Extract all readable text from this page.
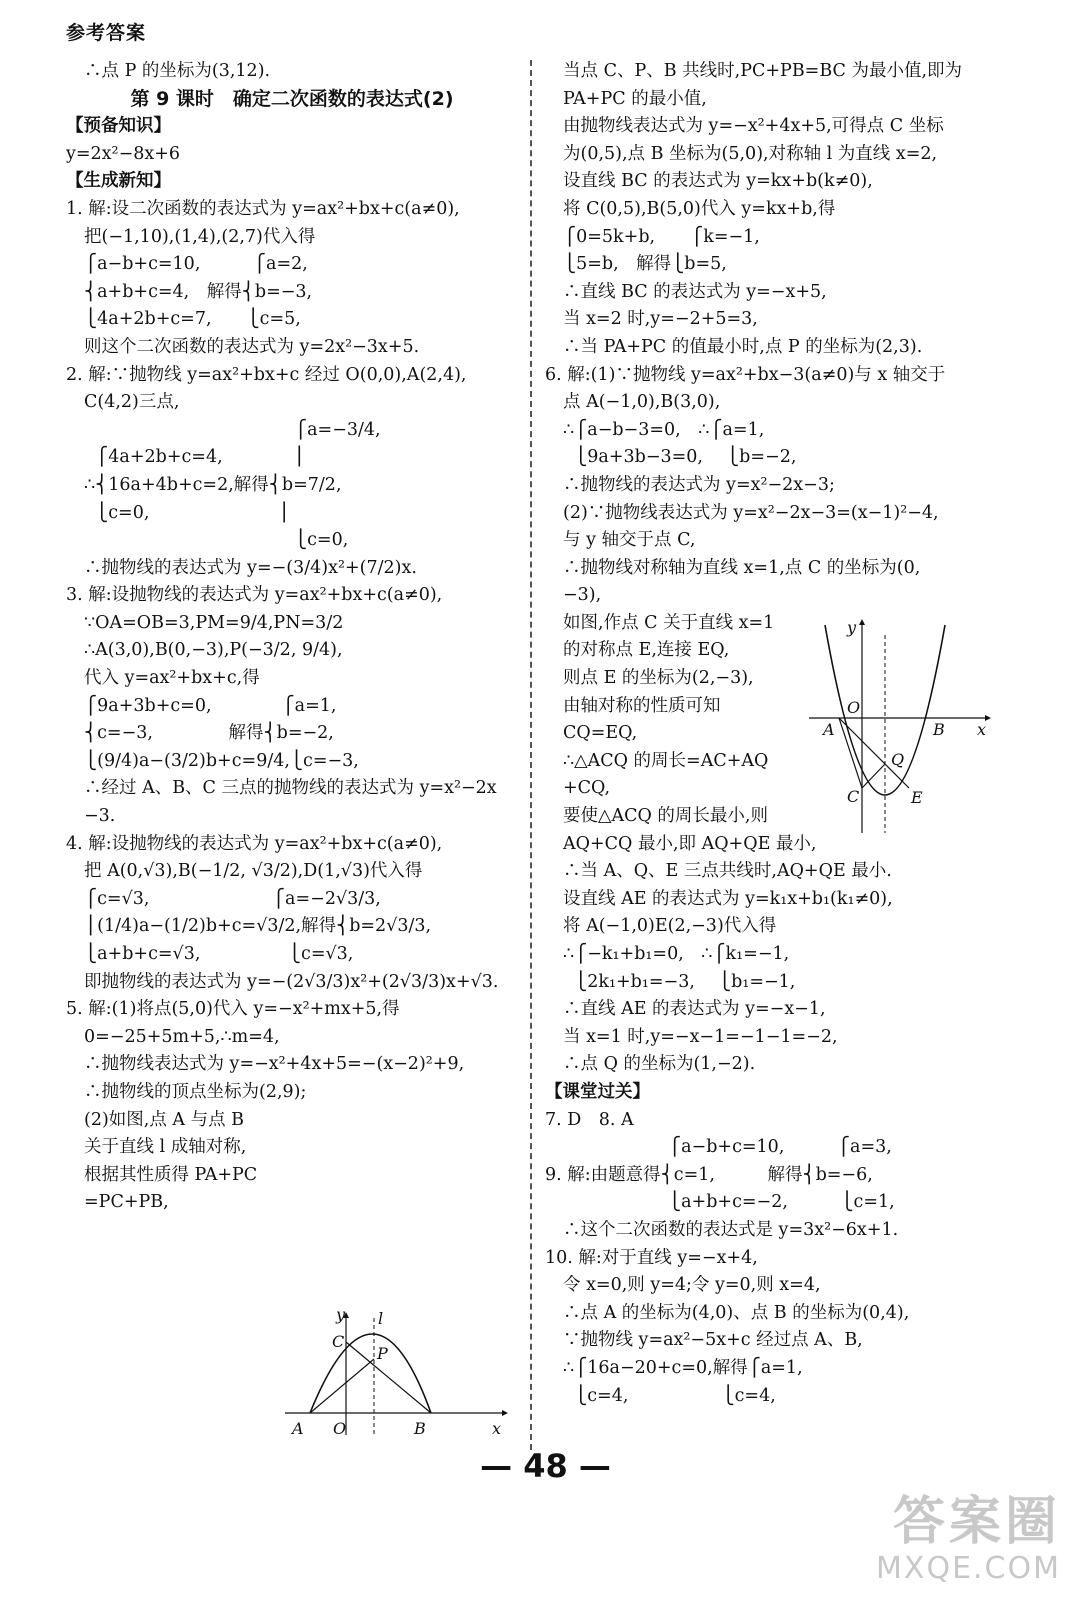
参考答案
∴点 P 的坐标为(3,12).
第 9 课时　确定二次函数的表达式(2)
【预备知识】
y=2x²−8x+6
【生成新知】
1. 解:设二次函数的表达式为 y=ax²+bx+c(a≠0),
把(−1,10),(1,4),(2,7)代入得
⎧a−b+c=10,　　　⎧a=2,
⎨a+b+c=4,　解得⎨b=−3,
⎩4a+2b+c=7,　　⎩c=5,
则这个二次函数的表达式为 y=2x²−3x+5.
2. 解:∵抛物线 y=ax²+bx+c 经过 O(0,0),A(2,4),
C(4,2)三点,
　　　　　　　　　　　　⎧a=−3/4,
⎧4a+2b+c=4,　　　　⎪
∴⎨16a+4b+c=2,解得⎨b=7/2,
⎩c=0,　　　　　　　 ⎪
　　　　　　　　　　　　⎩c=0,
∴抛物线的表达式为 y=−(3/4)x²+(7/2)x.
3. 解:设抛物线的表达式为 y=ax²+bx+c(a≠0),
∵OA=OB=3,PM=9/4,PN=3/2
∴A(3,0),B(0,−3),P(−3/2, 9/4),
代入 y=ax²+bx+c,得
⎧9a+3b+c=0,　　　　⎧a=1,
⎨c=−3,　　　　 解得⎨b=−2,
⎩(9/4)a−(3/2)b+c=9/4,⎩c=−3,
∴经过 A、B、C 三点的抛物线的表达式为 y=x²−2x
−3.
4. 解:设抛物线的表达式为 y=ax²+bx+c(a≠0),
把 A(0,√3),B(−1/2, √3/2),D(1,√3)代入得
⎧c=√3,　　　　　　　⎧a=−2√3/3,
⎪(1/4)a−(1/2)b+c=√3/2,解得⎨b=2√3/3,
⎩a+b+c=√3,　　　　　⎩c=√3,
即抛物线的表达式为 y=−(2√3/3)x²+(2√3/3)x+√3.
5. 解:(1)将点(5,0)代入 y=−x²+mx+5,得
0=−25+5m+5,∴m=4,
∴抛物线表达式为 y=−x²+4x+5=−(x−2)²+9,
∴抛物线的顶点坐标为(2,9);
(2)如图,点 A 与点 B
关于直线 l 成轴对称,
根据其性质得 PA+PC
=PC+PB,
当点 C、P、B 共线时,PC+PB=BC 为最小值,即为
PA+PC 的最小值,
由抛物线表达式为 y=−x²+4x+5,可得点 C 坐标
为(0,5),点 B 坐标为(5,0),对称轴 l 为直线 x=2,
设直线 BC 的表达式为 y=kx+b(k≠0),
将 C(0,5),B(5,0)代入 y=kx+b,得
⎧0=5k+b,　　⎧k=−1,
⎩5=b,　解得⎩b=5,
∴直线 BC 的表达式为 y=−x+5,
当 x=2 时,y=−2+5=3,
∴当 PA+PC 的值最小时,点 P 的坐标为(2,3).
6. 解:(1)∵抛物线 y=ax²+bx−3(a≠0)与 x 轴交于
点 A(−1,0),B(3,0),
∴⎧a−b−3=0,　∴⎧a=1,
⎩9a+3b−3=0,　 ⎩b=−2,
∴抛物线的表达式为 y=x²−2x−3;
(2)∵抛物线表达式为 y=x²−2x−3=(x−1)²−4,
与 y 轴交于点 C,
∴抛物线对称轴为直线 x=1,点 C 的坐标为(0,
−3),
如图,作点 C 关于直线 x=1
的对称点 E,连接 EQ,
则点 E 的坐标为(2,−3),
由轴对称的性质可知
CQ=EQ,
∴△ACQ 的周长=AC+AQ
+CQ,
要使△ACQ 的周长最小,则
AQ+CQ 最小,即 AQ+QE 最小,
∴当 A、Q、E 三点共线时,AQ+QE 最小.
设直线 AE 的表达式为 y=k₁x+b₁(k₁≠0),
将 A(−1,0)E(2,−3)代入得
∴⎧−k₁+b₁=0,　∴⎧k₁=−1,
⎩2k₁+b₁=−3,　 ⎩b₁=−1,
∴直线 AE 的表达式为 y=−x−1,
当 x=1 时,y=−x−1=−1−1=−2,
∴点 Q 的坐标为(1,−2).
【课堂过关】
7. D　8. A
　　　　　　⎧a−b+c=10,　　　⎧a=3,
9. 解:由题意得⎨c=1,　　　解得⎨b=−6,
　　　　　　⎩a+b+c=−2,　　　⎩c=1,
∴这个二次函数的表达式是 y=3x²−6x+1.
10. 解:对于直线 y=−x+4,
令 x=0,则 y=4;令 y=0,则 x=4,
∴点 A 的坐标为(4,0)、点 B 的坐标为(0,4),
∵抛物线 y=ax²−5x+c 经过点 A、B,
∴⎧16a−20+c=0,解得⎧a=1,
⎩c=4,　　　　　 ⎩c=4,
y l
C
P
A O	B	x
y
O
A	B x
Q
C	E
— 48 —
答案圈
MXQE.COM
